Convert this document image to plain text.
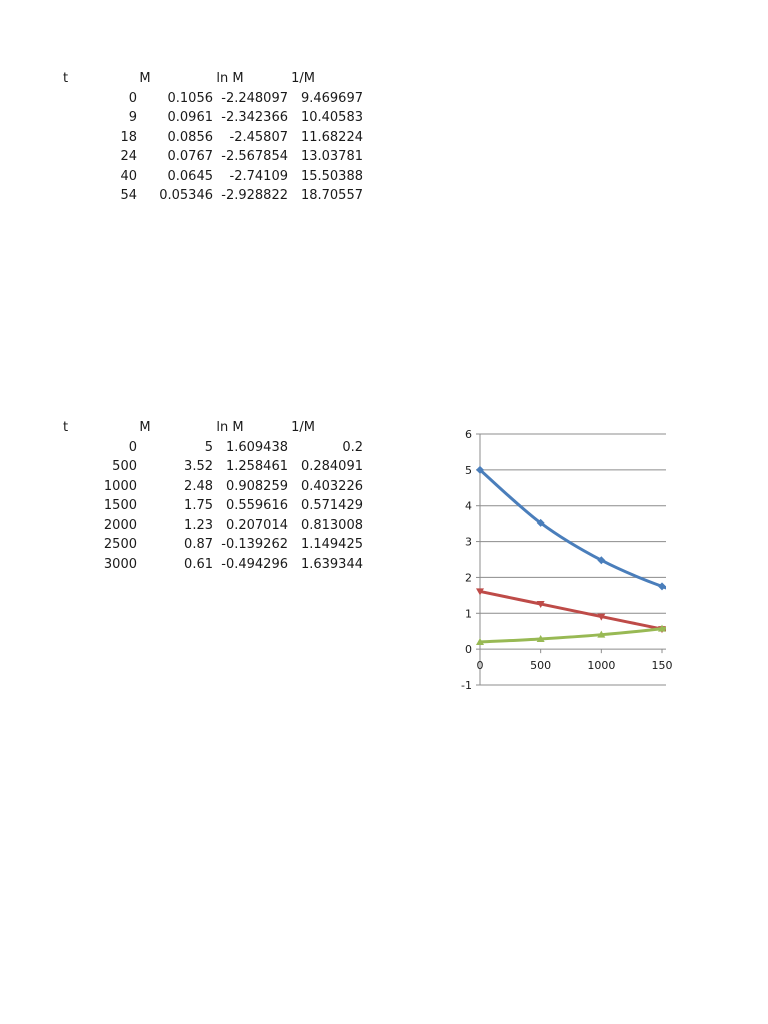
t	M	ln M	1/M
0	0.1056 -2.248097 9.469697
9	0.0961 -2.342366 10.40583
18	0.0856	-2.45807 11.68224
24	0.0767 -2.567854 13.03781
40	0.0645	-2.74109 15.50388
54	0.05346 -2.928822 18.70557
t	M	ln M	1/M
0	5 1.609438	0.2
500	3.52 1.258461 0.284091
1000	2.48 0.908259 0.403226
1500	1.75 0.559616 0.571429
2000	1.23 0.207014 0.813008
2500	0.87 -0.139262 1.149425
3000	0.61 -0.494296 1.639344
6
5
4
3
2
1
0
-1
0	500	1000	150
